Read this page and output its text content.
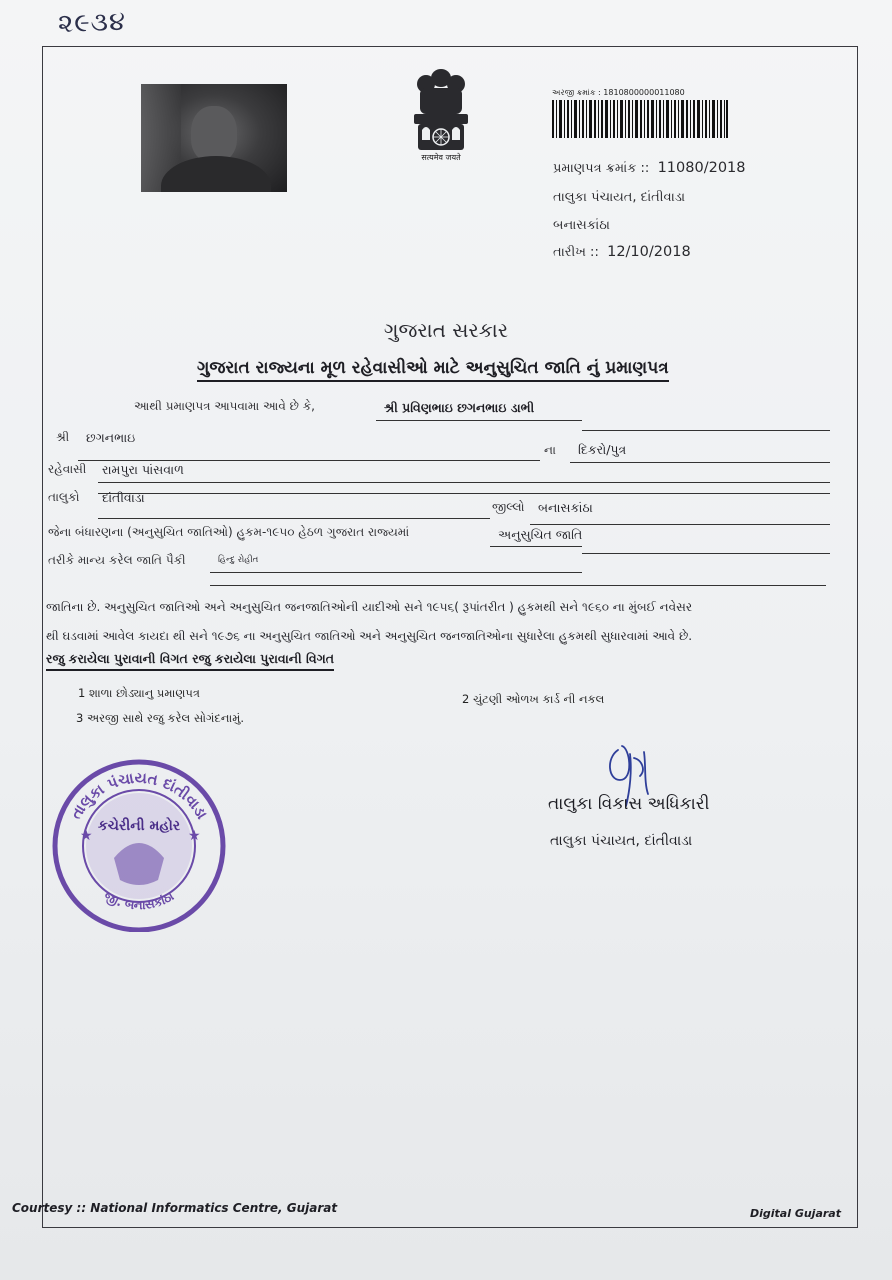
૨૯૩૪
सत्यमेव जयते
અરજી ક્રમાંક : 1810800000011080
પ્રમાણપત્ર ક્રમાંક :: 11080/2018
તાલુકા પંચાયત, દાંતીવાડા
બનાસકાંઠા
તારીખ :: 12/10/2018
ગુજરાત સરકાર
ગુજરાત રાજ્યના મૂળ રહેવાસીઓ માટે અનુસુચિત જાતિ નું પ્રમાણપત્ર
આથી પ્રમાણપત્ર આપવામા આવે છે કે,	શ્રી પ્રવિણભાઇ છગનભાઇ ડાભી
શ્રી છગનભાઇ
ના દિકરો/પુત્ર
રહેવાસી રામપુરા પાંસવાળ
તાલુકો દાંતીવાડા
જીલ્લો બનાસકાંઠા
જેના બંધારણના (અનુસુચિત જાતિઓ) હુકમ-૧૯૫૦ હેઠળ ગુજરાત રાજ્યમાં	અનુસુચિત જાતિ
તરીકે માન્ય કરેલ જાતિ પૈકી	હિન્દુ રોહીત
જાતિના છે. અનુસુચિત જાતિઓ અને અનુસુચિત જનજાતિઓની યાદીઓ સને ૧૯૫૬( રૂપાંતરીત ) હુકમથી સને ૧૯૬૦ ના મુંબઈ નવેસર
થી ઘડવામાં આવેલ કાયદા થી સને ૧૯૭૬ ના અનુસુચિત જાતિઓ અને અનુસુચિત જનજાતિઓના સુધારેલા હુકમથી સુધારવામાં આવે છે.
રજુ કરાયેલા પુરાવાની વિગત રજુ કરાયેલા પુરાવાની વિગત
1 શાળા છોડ્યાનુ પ્રમાણપત્ર	2 ચુંટણી ઓળખ કાર્ડ ની નકલ
3 અરજી સાથે રજુ કરેલ સોગંદનામું.
તાલુકા પંચાયત દાંતીવાડા
જી. બનાસકાંઠા
કચેરીની મહોર
★	★
તાલુકા વિકાસ અધિકારી
તાલુકા પંચાયત, દાંતીવાડા
Courtesy :: National Informatics Centre, Gujarat	Digital Gujarat
